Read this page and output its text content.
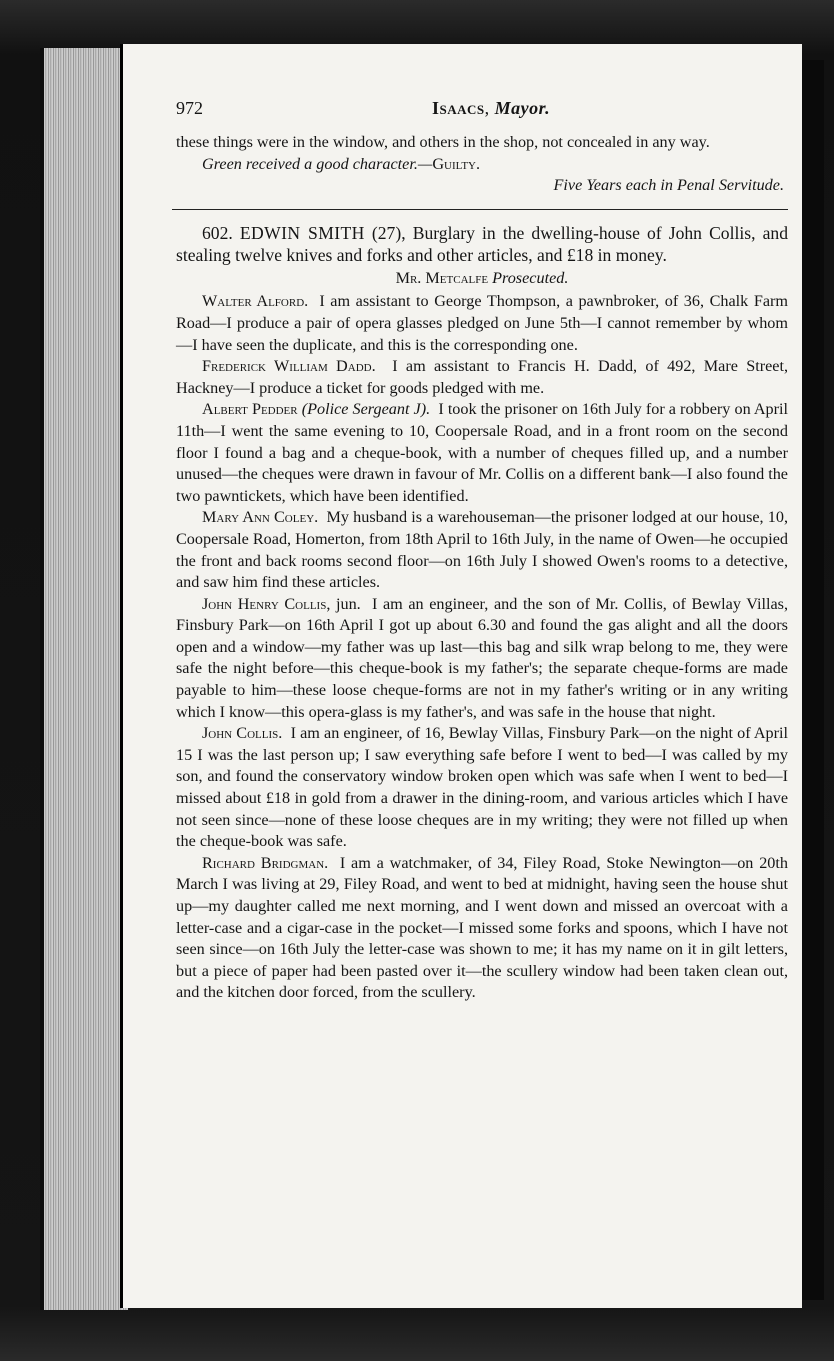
972	Isaacs, Mayor.

these things were in the window, and others in the shop, not concealed in any way.

Green received a good character.—Guilty.

Five Years each in Penal Servitude.

602. EDWIN SMITH (27), Burglary in the dwelling-house of John Collis, and stealing twelve knives and forks and other articles, and £18 in money.

Mr. Metcalfe Prosecuted.

Walter Alford. I am assistant to George Thompson, a pawnbroker, of 36, Chalk Farm Road—I produce a pair of opera glasses pledged on June 5th—I cannot remember by whom—I have seen the duplicate, and this is the corresponding one.

Frederick William Dadd. I am assistant to Francis H. Dadd, of 492, Mare Street, Hackney—I produce a ticket for goods pledged with me.

Albert Pedder (Police Sergeant J). I took the prisoner on 16th July for a robbery on April 11th—I went the same evening to 10, Coopersale Road, and in a front room on the second floor I found a bag and a cheque-book, with a number of cheques filled up, and a number unused—the cheques were drawn in favour of Mr. Collis on a different bank—I also found the two pawntickets, which have been identified.

Mary Ann Coley. My husband is a warehouseman—the prisoner lodged at our house, 10, Coopersale Road, Homerton, from 18th April to 16th July, in the name of Owen—he occupied the front and back rooms second floor—on 16th July I showed Owen's rooms to a detective, and saw him find these articles.

John Henry Collis, jun. I am an engineer, and the son of Mr. Collis, of Bewlay Villas, Finsbury Park—on 16th April I got up about 6.30 and found the gas alight and all the doors open and a window—my father was up last—this bag and silk wrap belong to me, they were safe the night before—this cheque-book is my father's; the separate cheque-forms are made payable to him—these loose cheque-forms are not in my father's writing or in any writing which I know—this opera-glass is my father's, and was safe in the house that night.

John Collis. I am an engineer, of 16, Bewlay Villas, Finsbury Park—on the night of April 15 I was the last person up; I saw everything safe before I went to bed—I was called by my son, and found the conservatory window broken open which was safe when I went to bed—I missed about £18 in gold from a drawer in the dining-room, and various articles which I have not seen since—none of these loose cheques are in my writing; they were not filled up when the cheque-book was safe.

Richard Bridgman. I am a watchmaker, of 34, Filey Road, Stoke Newington—on 20th March I was living at 29, Filey Road, and went to bed at midnight, having seen the house shut up—my daughter called me next morning, and I went down and missed an overcoat with a letter-case and a cigar-case in the pocket—I missed some forks and spoons, which I have not seen since—on 16th July the letter-case was shown to me; it has my name on it in gilt letters, but a piece of paper had been pasted over it—the scullery window had been taken clean out, and the kitchen door forced, from the scullery.
